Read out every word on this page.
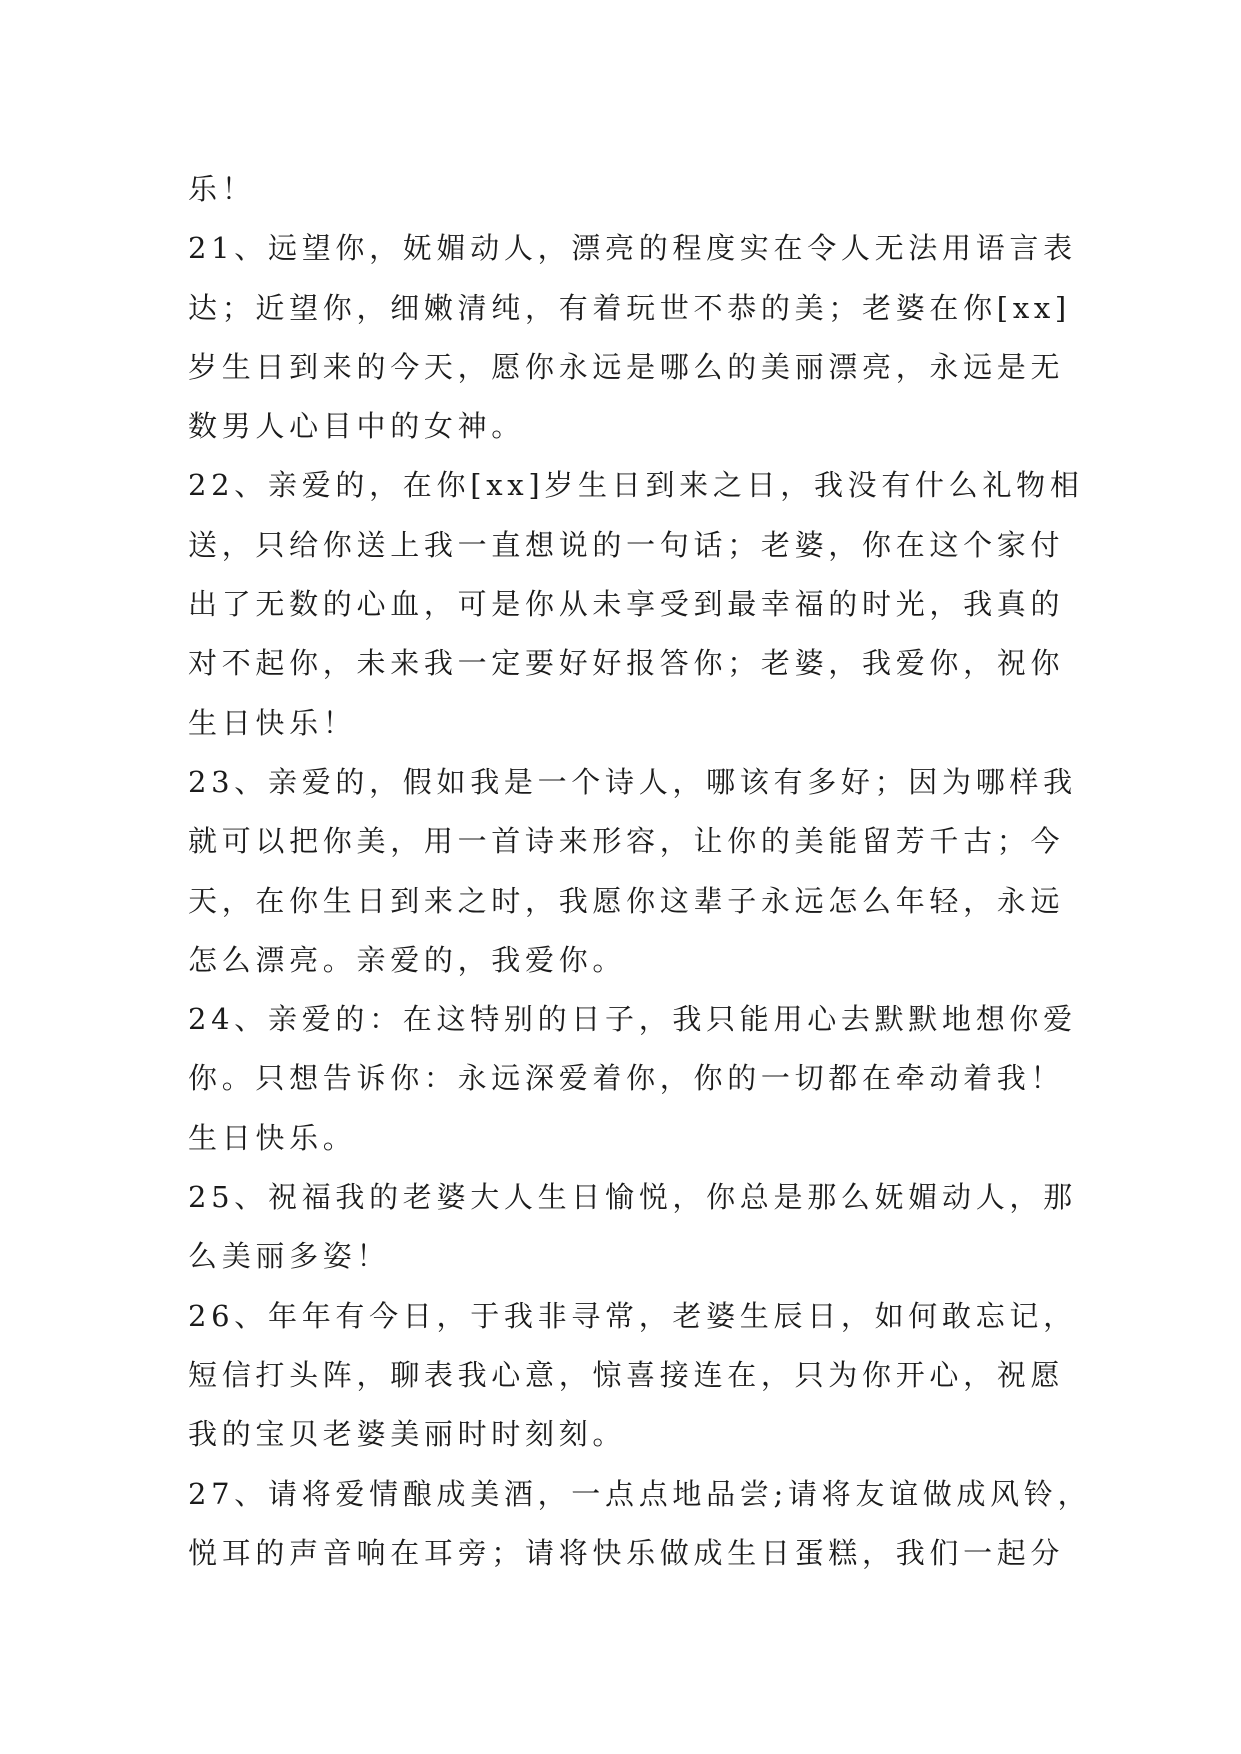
乐！
21、远望你，妩媚动人，漂亮的程度实在令人无法用语言表
达；近望你，细嫩清纯，有着玩世不恭的美；老婆在你[xx]
岁生日到来的今天，愿你永远是哪么的美丽漂亮，永远是无
数男人心目中的女神。
22、亲爱的，在你[xx]岁生日到来之日，我没有什么礼物相
送，只给你送上我一直想说的一句话；老婆，你在这个家付
出了无数的心血，可是你从未享受到最幸福的时光，我真的
对不起你，未来我一定要好好报答你；老婆，我爱你，祝你
生日快乐！
23、亲爱的，假如我是一个诗人，哪该有多好；因为哪样我
就可以把你美，用一首诗来形容，让你的美能留芳千古；今
天，在你生日到来之时，我愿你这辈子永远怎么年轻，永远
怎么漂亮。亲爱的，我爱你。
24、亲爱的：在这特别的日子，我只能用心去默默地想你爱
你。只想告诉你：永远深爱着你，你的一切都在牵动着我！
生日快乐。
25、祝福我的老婆大人生日愉悦，你总是那么妩媚动人，那
么美丽多姿！
26、年年有今日，于我非寻常，老婆生辰日，如何敢忘记，
短信打头阵，聊表我心意，惊喜接连在，只为你开心，祝愿
我的宝贝老婆美丽时时刻刻。
27、请将爱情酿成美酒，一点点地品尝;请将友谊做成风铃，
悦耳的声音响在耳旁；请将快乐做成生日蛋糕，我们一起分
